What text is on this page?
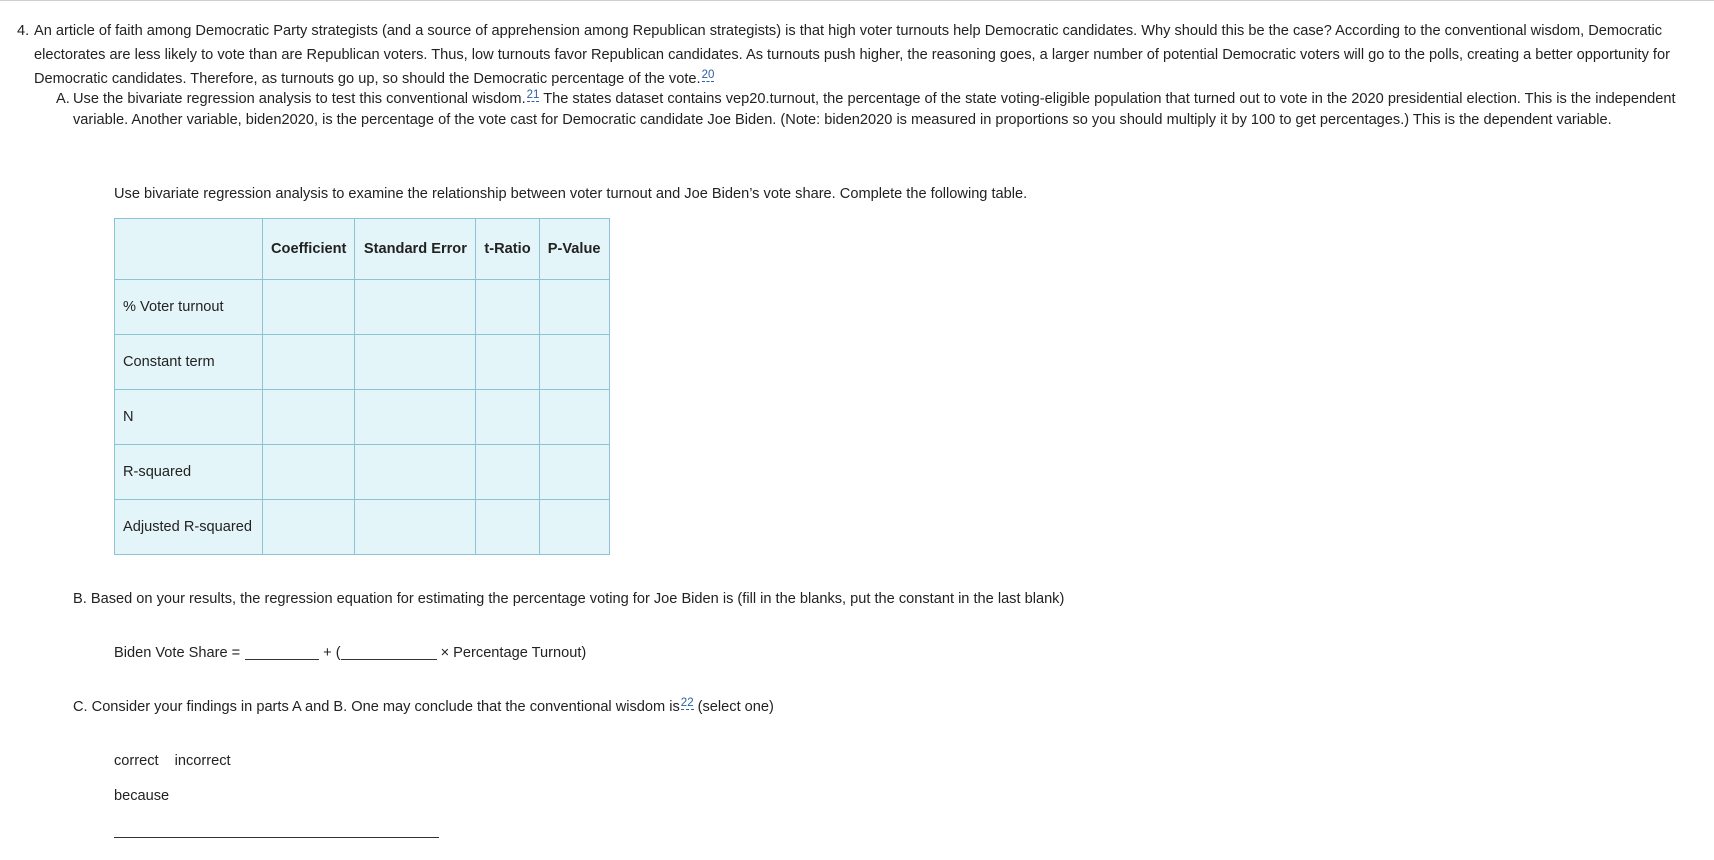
4. An article of faith among Democratic Party strategists (and a source of apprehension among Republican strategists) is that high voter turnouts help Democratic candidates. Why should this be the case? According to the conventional wisdom, Democratic electorates are less likely to vote than are Republican voters. Thus, low turnouts favor Republican candidates. As turnouts push higher, the reasoning goes, a larger number of potential Democratic voters will go to the polls, creating a better opportunity for Democratic candidates. Therefore, as turnouts go up, so should the Democratic percentage of the vote.$^{20}$

A. Use the bivariate regression analysis to test this conventional wisdom.$^{21}$ The states dataset contains vep20.turnout, the percentage of the state voting-eligible population that turned out to vote in the 2020 presidential election. This is the independent variable. Another variable, biden2020, is the percentage of the vote cast for Democratic candidate Joe Biden. (Note: biden2020 is measured in proportions so you should multiply it by 100 to get percentages.) This is the dependent variable.

Use bivariate regression analysis to examine the relationship between voter turnout and Joe Biden’s vote share. Complete the following table.

	Coefficient	Standard Error	t-Ratio	P-Value
% Voter turnout				
Constant term				
N				
R-squared				
Adjusted R-squared				

B. Based on your results, the regression equation for estimating the percentage voting for Joe Biden is (fill in the blanks, put the constant in the last blank)

Biden Vote Share =	+ (	× Percentage Turnout)

C. Consider your findings in parts A and B. One may conclude that the conventional wisdom is$^{22}$ (select one)

correct incorrect

because
